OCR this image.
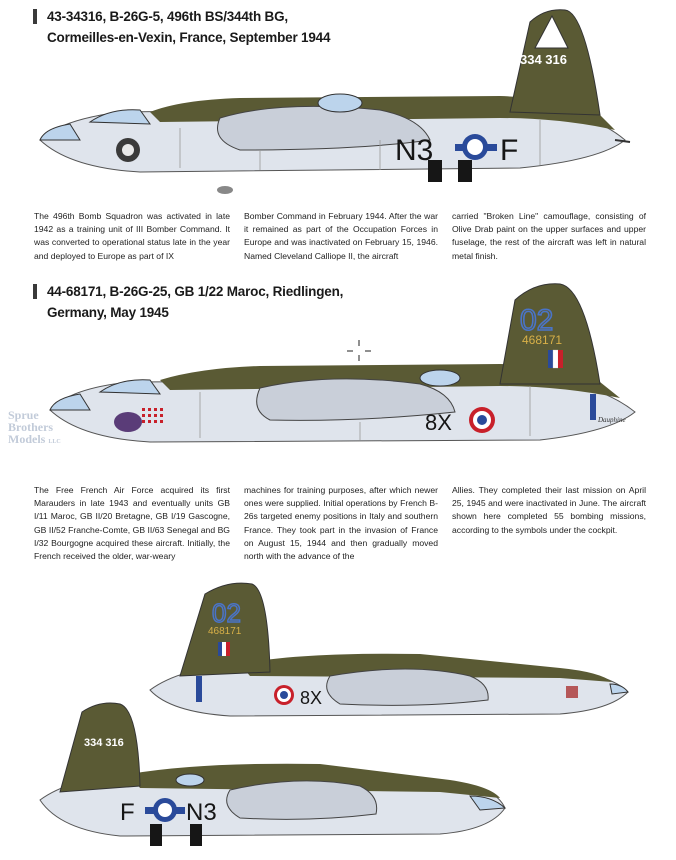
43-34316, B-26G-5, 496th BS/344th BG,
Cormeilles-en-Vexin, France, September 1944
334 316
N3 F
The 496th Bomb Squadron was activated in late 1942 as a training unit of III Bomber Command. It was converted to operational status late in the year and deployed to Europe as part of IX
Bomber Command in February 1944. After the war it remained as part of the Occupation Forces in Europe and was inactivated on February 15, 1946. Named Cleveland Calliope II, the aircraft
carried "Broken Line" camouflage, consisting of Olive Drab paint on the upper surfaces and upper fuselage, the rest of the aircraft was left in natural metal finish.
44-68171, B-26G-25, GB 1/22 Maroc, Riedlingen,
Germany, May 1945	02
468171
8X	Dauphine
Sprue
Brothers
Models LLC
The Free French Air Force acquired its first Marauders in late 1943 and eventually units GB I/11 Maroc, GB II/20 Bretagne, GB I/19 Gascogne, GB II/52 Franche-Comte, GB II/63 Senegal and BG I/32 Bourgogne acquired these aircraft. Initially, the French received the older, war-weary
machines for training purposes, after which newer ones were supplied. Initial operations by French B-26s targeted enemy positions in Italy and southern France. They took part in the invasion of France on August 15, 1944 and then gradually moved north with the advance of the
Allies. They completed their last mission on April 25, 1945 and were inactivated in June. The aircraft shown here completed 55 bombing missions, according to the symbols under the cockpit.
02
468171
8X
334 316
F N3
